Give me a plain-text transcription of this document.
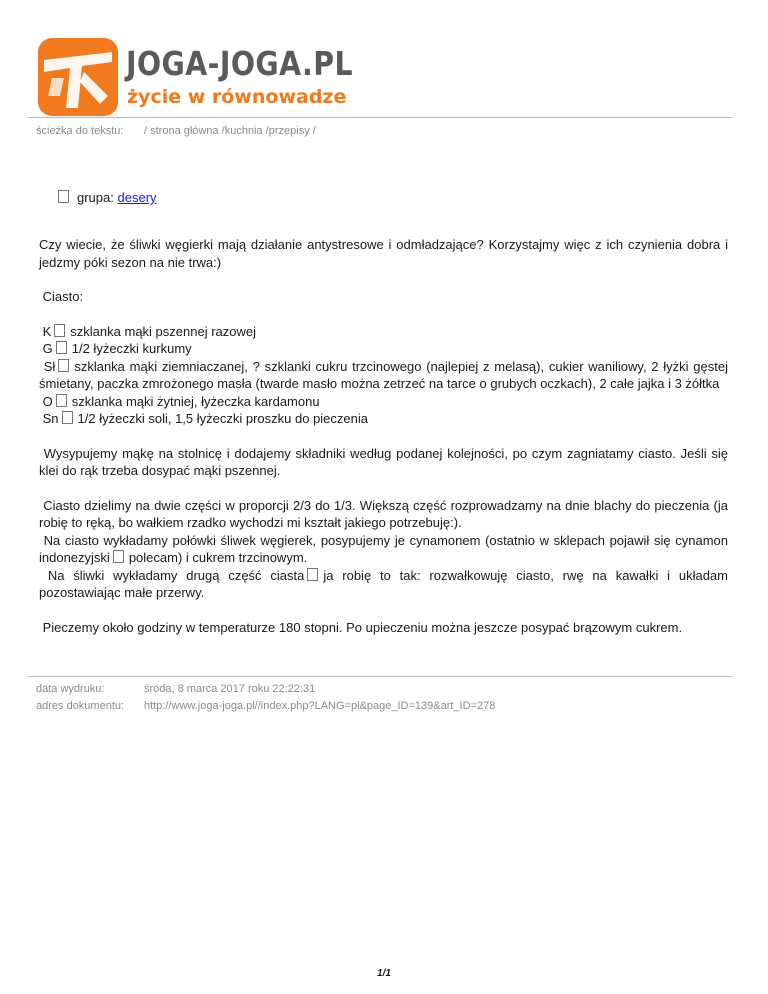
JOGA-JOGA.PL
życie w równowadze
ścieżka do tekstu: / strona główna /kuchnia /przepisy /
grupa: desery

Czy wiecie, że śliwki węgierki mają działanie antystresowe i odmładzające? Korzystajmy więc z ich czynienia dobra i jedzmy póki sezon na nie trwa:)

Ciasto:

K szklanka mąki pszennej razowej
G 1/2 łyżeczki kurkumy
Sł szklanka mąki ziemniaczanej, ? szklanki cukru trzcinowego (najlepiej z melasą), cukier waniliowy, 2 łyżki gęstej śmietany, paczka zmrożonego masła (twarde masło można zetrzeć na tarce o grubych oczkach), 2 całe jajka i 3 żółtka
O szklanka mąki żytniej, łyżeczka kardamonu
Sn 1/2 łyżeczki soli, 1,5 łyżeczki proszku do pieczenia

Wysypujemy mąkę na stolnicę i dodajemy składniki według podanej kolejności, po czym zagniatamy ciasto. Jeśli się klei do rąk trzeba dosypać mąki pszennej.

Ciasto dzielimy na dwie części w proporcji 2/3 do 1/3. Większą część rozprowadzamy na dnie blachy do pieczenia (ja robię to ręką, bo wałkiem rzadko wychodzi mi kształt jakiego potrzebuję:).
Na ciasto wykładamy połówki śliwek węgierek, posypujemy je cynamonem (ostatnio w sklepach pojawił się cynamon indonezyjski polecam) i cukrem trzcinowym.
Na śliwki wykładamy drugą część ciasta ja robię to tak: rozwałkowuję ciasto, rwę na kawałki i układam pozostawiając małe przerwy.

Pieczemy około godziny w temperaturze 180 stopni. Po upieczeniu można jeszcze posypać brązowym cukrem.

data wydruku:	środa, 8 marca 2017 roku 22:22:31
adres dokumentu: http://www.joga-joga.pl//index.php?LANG=pl&page_ID=139&art_ID=278
1/1
